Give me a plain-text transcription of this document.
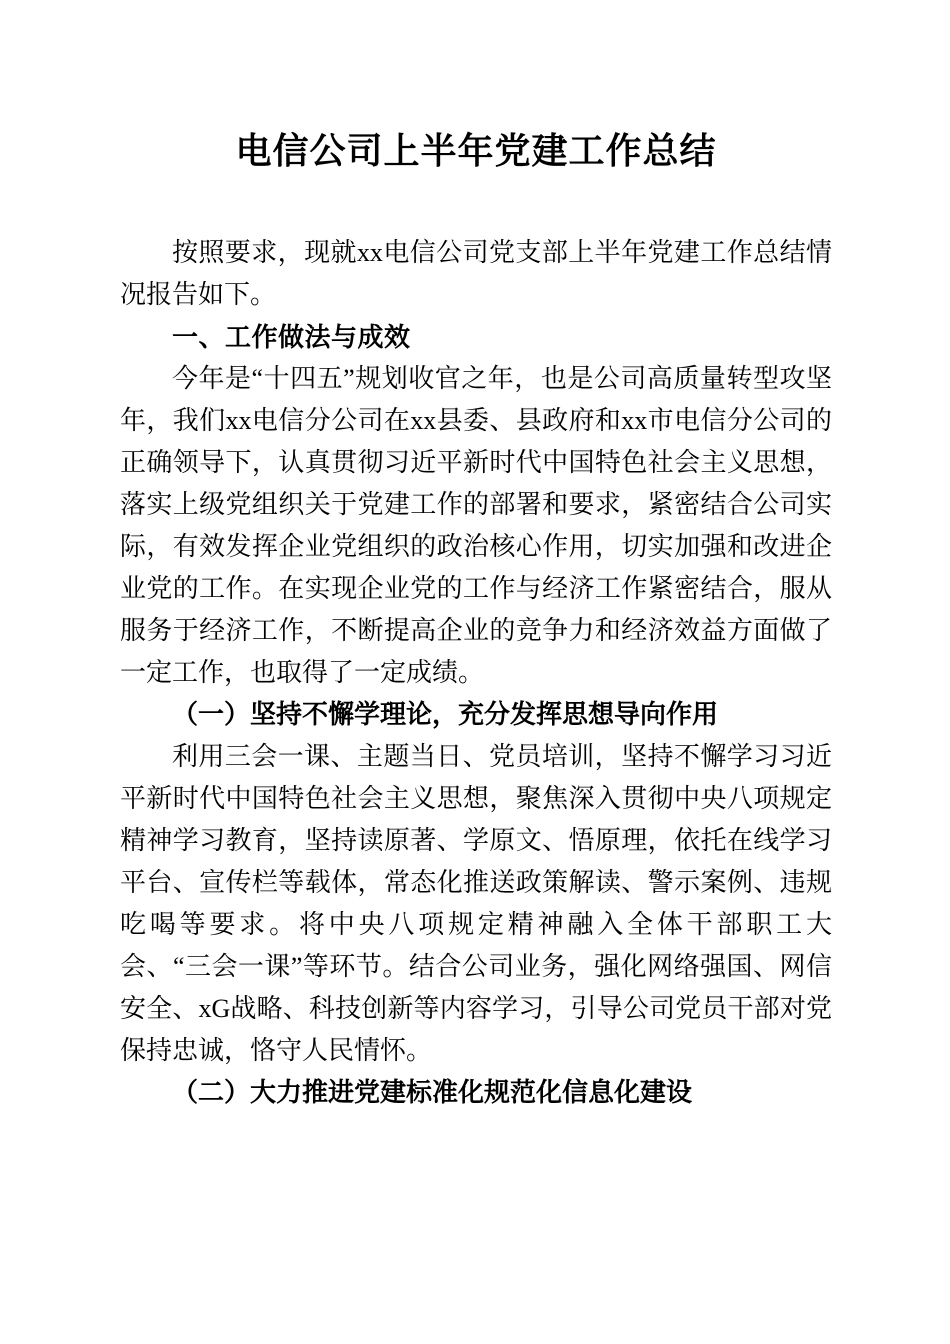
电信公司上半年党建工作总结

按照要求，现就xx电信公司党支部上半年党建工作总结情况报告如下。

一、工作做法与成效

今年是“十四五”规划收官之年，也是公司高质量转型攻坚年，我们xx电信分公司在xx县委、县政府和xx市电信分公司的正确领导下，认真贯彻习近平新时代中国特色社会主义思想，落实上级党组织关于党建工作的部署和要求，紧密结合公司实际，有效发挥企业党组织的政治核心作用，切实加强和改进企业党的工作。在实现企业党的工作与经济工作紧密结合，服从服务于经济工作，不断提高企业的竞争力和经济效益方面做了一定工作，也取得了一定成绩。

（一）坚持不懈学理论，充分发挥思想导向作用

利用三会一课、主题当日、党员培训，坚持不懈学习习近平新时代中国特色社会主义思想，聚焦深入贯彻中央八项规定精神学习教育，坚持读原著、学原文、悟原理，依托在线学习平台、宣传栏等载体，常态化推送政策解读、警示案例、违规吃喝等要求。将中央八项规定精神融入全体干部职工大会、“三会一课”等环节。结合公司业务，强化网络强国、网信安全、xG战略、科技创新等内容学习，引导公司党员干部对党保持忠诚，恪守人民情怀。

（二）大力推进党建标准化规范化信息化建设
